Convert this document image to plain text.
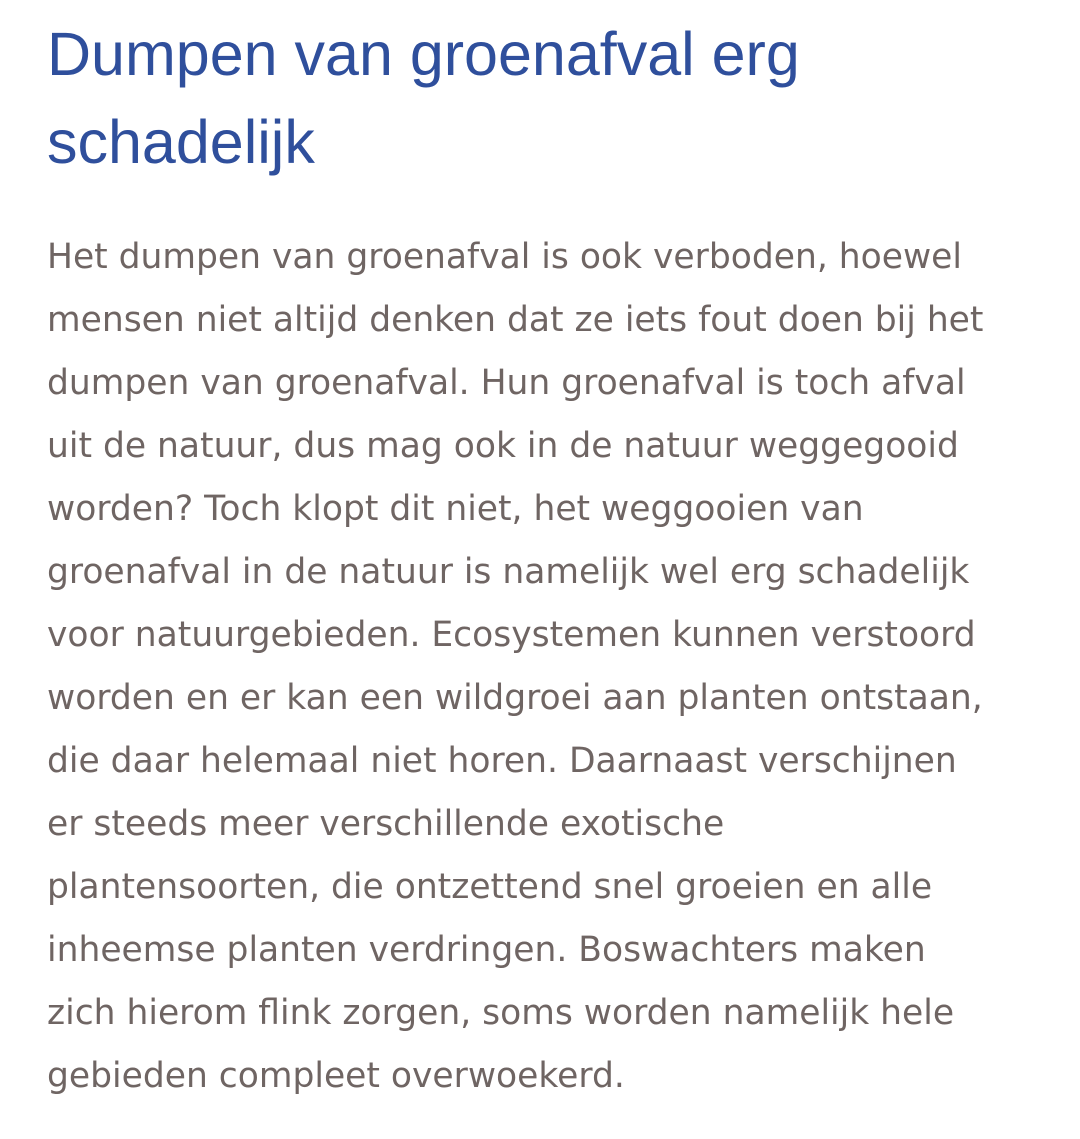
Dumpen van groenafval erg
schadelijk

Het dumpen van groenafval is ook verboden, hoewel
mensen niet altijd denken dat ze iets fout doen bij het
dumpen van groenafval. Hun groenafval is toch afval
uit de natuur, dus mag ook in de natuur weggegooid
worden? Toch klopt dit niet, het weggooien van
groenafval in de natuur is namelijk wel erg schadelijk
voor natuurgebieden. Ecosystemen kunnen verstoord
worden en er kan een wildgroei aan planten ontstaan,
die daar helemaal niet horen. Daarnaast verschijnen
er steeds meer verschillende exotische
plantensoorten, die ontzettend snel groeien en alle
inheemse planten verdringen. Boswachters maken
zich hierom flink zorgen, soms worden namelijk hele
gebieden compleet overwoekerd.
